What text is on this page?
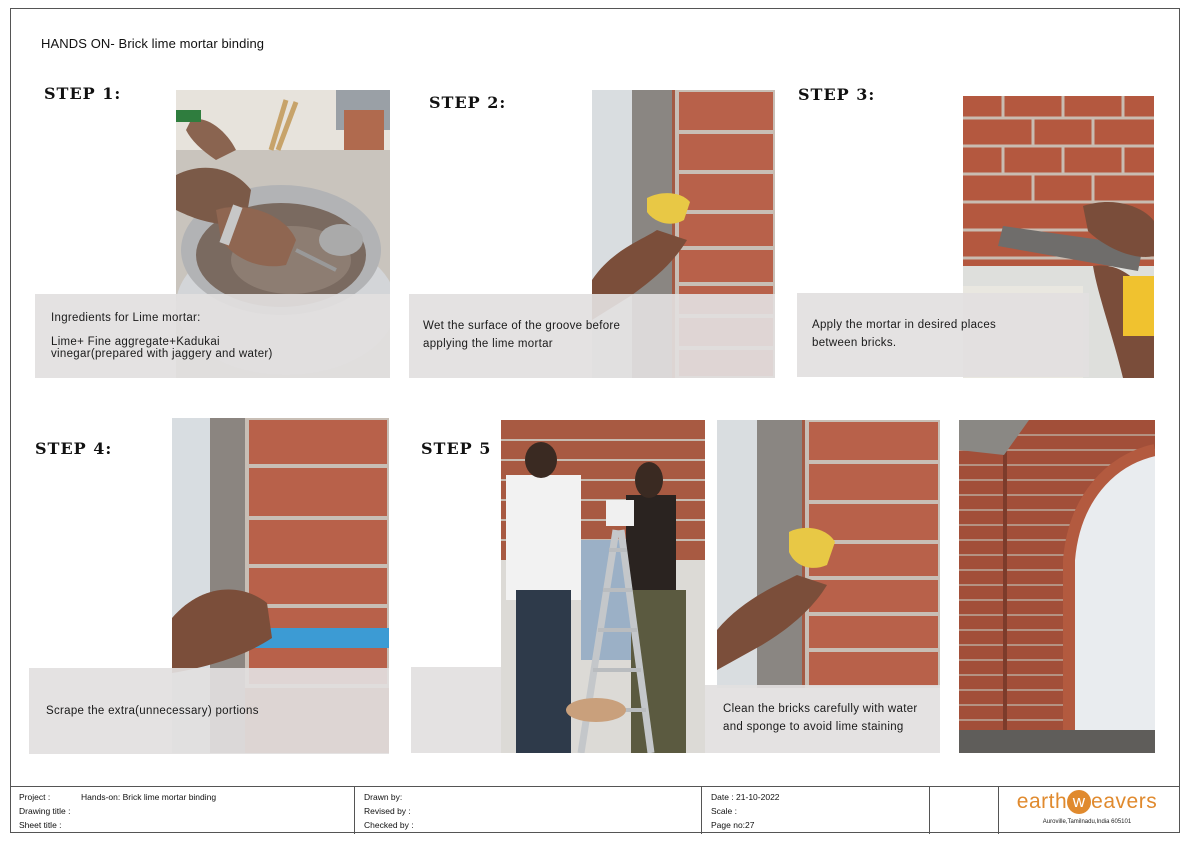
HANDS ON- Brick lime mortar binding
STEP 1:
Ingredients for Lime mortar:
Lime+ Fine aggregate+Kadukai
vinegar(prepared with jaggery and water)
STEP 2:
Wet the surface of the groove before
applying the lime mortar
STEP 3:
Apply the mortar in desired places
between bricks.
STEP 4:
Scrape the extra(unnecessary) portions
STEP 5
Clean the bricks carefully with water
and sponge to avoid lime staining
Project :	Hands-on: Brick lime mortar binding
Drawing title :
Sheet title :
Drawn by:
Revised by :
Checked by :
Date : 21-10-2022
Scale :
Page no:27
earth w eavers
Auroville,Tamilnadu,India 605101
